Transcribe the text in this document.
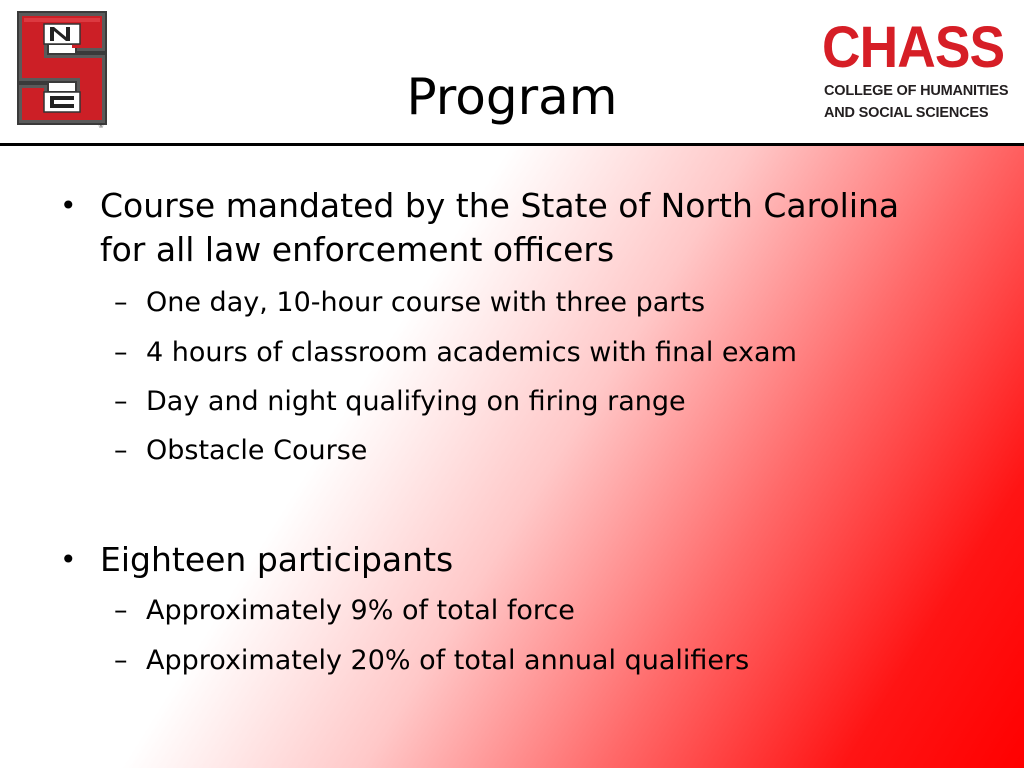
®
Program
CHASS
COLLEGE OF HUMANITIES
AND SOCIAL SCIENCES
• Course mandated by the State of North Carolina
for all law enforcement officers
– One day, 10-hour course with three parts
– 4 hours of classroom academics with final exam
– Day and night qualifying on firing range
– Obstacle Course
• Eighteen participants
– Approximately 9% of total force
– Approximately 20% of total annual qualifiers
